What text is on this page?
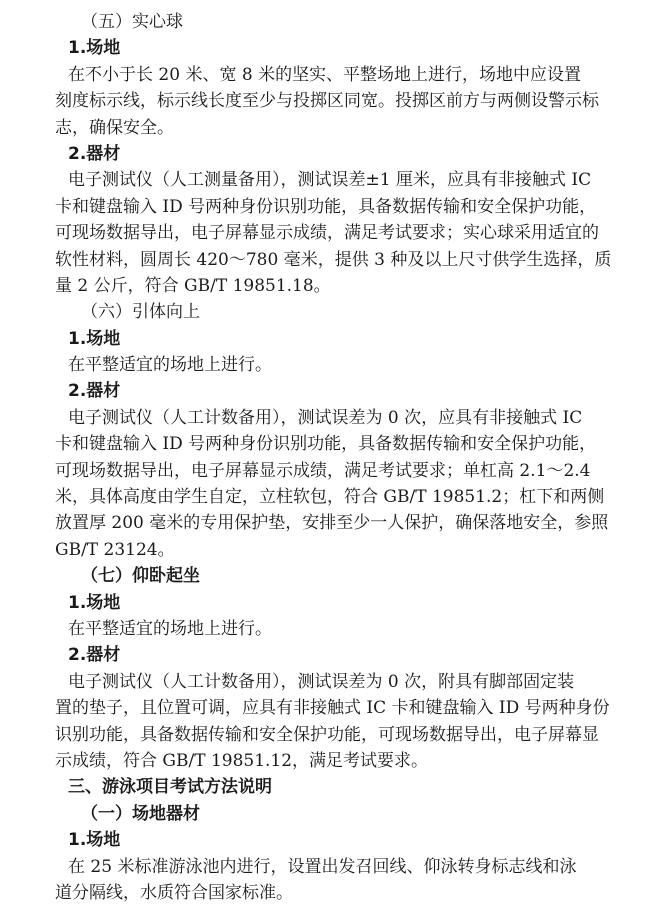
（五）实心球

1.场地

在不小于长 20 米、宽 8 米的坚实、平整场地上进行，场地中应设置

刻度标示线，标示线长度至少与投掷区同宽。投掷区前方与两侧设警示标

志，确保安全。

2.器材

电子测试仪（人工测量备用），测试误差±1 厘米，应具有非接触式 IC

卡和键盘输入 ID 号两种身份识别功能，具备数据传输和安全保护功能，

可现场数据导出，电子屏幕显示成绩，满足考试要求；实心球采用适宜的

软性材料，圆周长 420～780 毫米，提供 3 种及以上尺寸供学生选择，质

量 2 公斤，符合 GB/T 19851.18。

（六）引体向上

1.场地

在平整适宜的场地上进行。

2.器材

电子测试仪（人工计数备用），测试误差为 0 次，应具有非接触式 IC

卡和键盘输入 ID 号两种身份识别功能，具备数据传输和安全保护功能，

可现场数据导出，电子屏幕显示成绩，满足考试要求；单杠高 2.1～2.4

米，具体高度由学生自定，立柱软包，符合 GB/T 19851.2；杠下和两侧

放置厚 200 毫米的专用保护垫，安排至少一人保护，确保落地安全，参照

GB/T 23124。

（七）仰卧起坐

1.场地

在平整适宜的场地上进行。

2.器材

电子测试仪（人工计数备用），测试误差为 0 次，附具有脚部固定装

置的垫子，且位置可调，应具有非接触式 IC 卡和键盘输入 ID 号两种身份

识别功能，具备数据传输和安全保护功能，可现场数据导出，电子屏幕显

示成绩，符合 GB/T 19851.12，满足考试要求。

三、游泳项目考试方法说明

（一）场地器材

1.场地

在 25 米标准游泳池内进行，设置出发召回线、仰泳转身标志线和泳

道分隔线，水质符合国家标准。
